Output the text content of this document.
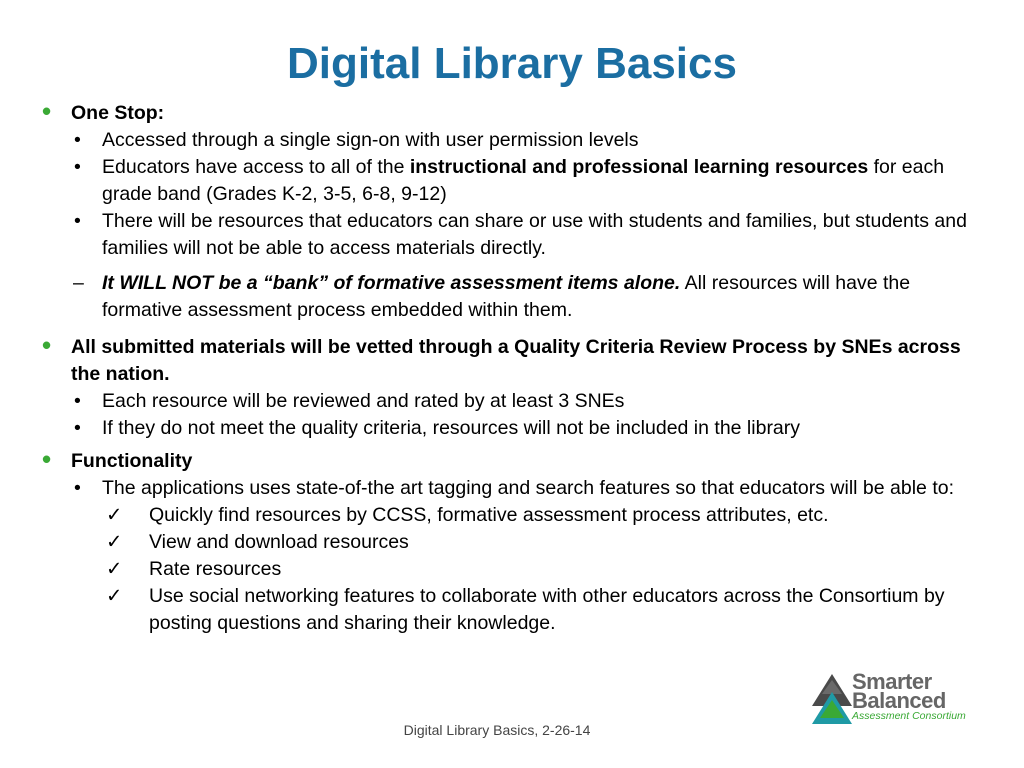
Digital Library Basics
• One Stop:
• Accessed through a single sign-on with user permission levels
• Educators have access to all of the instructional and professional learning resources for each grade band (Grades K-2, 3-5, 6-8, 9-12)
• There will be resources that educators can share or use with students and families, but students and families will not be able to access materials directly.
– It WILL NOT be a “bank” of formative assessment items alone. All resources will have the formative assessment process embedded within them.
• All submitted materials will be vetted through a Quality Criteria Review Process by SNEs across the nation.
• Each resource will be reviewed and rated by at least 3 SNEs
• If they do not meet the quality criteria, resources will not be included in the library
• Functionality
• The applications uses state-of-the art tagging and search features so that educators will be able to:
✓ Quickly find resources by CCSS, formative assessment process attributes, etc.
✓ View and download resources
✓ Rate resources
✓ Use social networking features to collaborate with other educators across the Consortium by posting questions and sharing their knowledge.
Smarter
Balanced
Assessment Consortium
Digital Library Basics, 2-26-14
